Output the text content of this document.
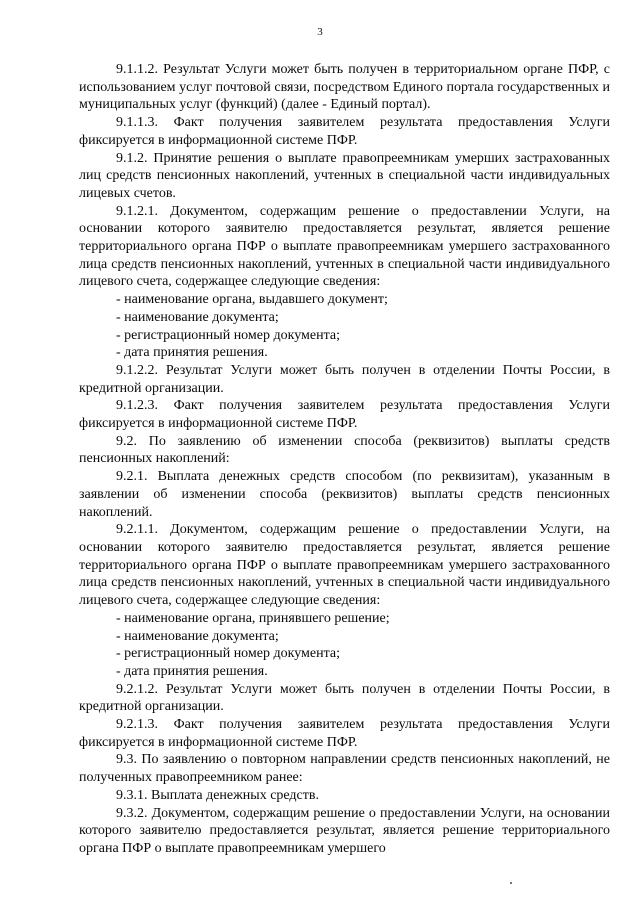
3

9.1.1.2. Результат Услуги может быть получен в территориальном органе ПФР, с использованием услуг почтовой связи, посредством Единого портала государственных и муниципальных услуг (функций) (далее - Единый портал).

9.1.1.3. Факт получения заявителем результата предоставления Услуги фиксируется в информационной системе ПФР.

9.1.2. Принятие решения о выплате правопреемникам умерших застрахованных лиц средств пенсионных накоплений, учтенных в специальной части индивидуальных лицевых счетов.

9.1.2.1. Документом, содержащим решение о предоставлении Услуги, на основании которого заявителю предоставляется результат, является решение территориального органа ПФР о выплате правопреемникам умершего застрахованного лица средств пенсионных накоплений, учтенных в специальной части индивидуального лицевого счета, содержащее следующие сведения:

- наименование органа, выдавшего документ;

- наименование документа;

- регистрационный номер документа;

- дата принятия решения.

9.1.2.2. Результат Услуги может быть получен в отделении Почты России, в кредитной организации.

9.1.2.3. Факт получения заявителем результата предоставления Услуги фиксируется в информационной системе ПФР.

9.2. По заявлению об изменении способа (реквизитов) выплаты средств пенсионных накоплений:

9.2.1. Выплата денежных средств способом (по реквизитам), указанным в заявлении об изменении способа (реквизитов) выплаты средств пенсионных накоплений.

9.2.1.1. Документом, содержащим решение о предоставлении Услуги, на основании которого заявителю предоставляется результат, является решение территориального органа ПФР о выплате правопреемникам умершего застрахованного лица средств пенсионных накоплений, учтенных в специальной части индивидуального лицевого счета, содержащее следующие сведения:

- наименование органа, принявшего решение;

- наименование документа;

- регистрационный номер документа;

- дата принятия решения.

9.2.1.2. Результат Услуги может быть получен в отделении Почты России, в кредитной организации.

9.2.1.3. Факт получения заявителем результата предоставления Услуги фиксируется в информационной системе ПФР.

9.3. По заявлению о повторном направлении средств пенсионных накоплений, не полученных правопреемником ранее:

9.3.1. Выплата денежных средств.

9.3.2. Документом, содержащим решение о предоставлении Услуги, на основании которого заявителю предоставляется результат, является решение территориального органа ПФР о выплате правопреемникам умершего
